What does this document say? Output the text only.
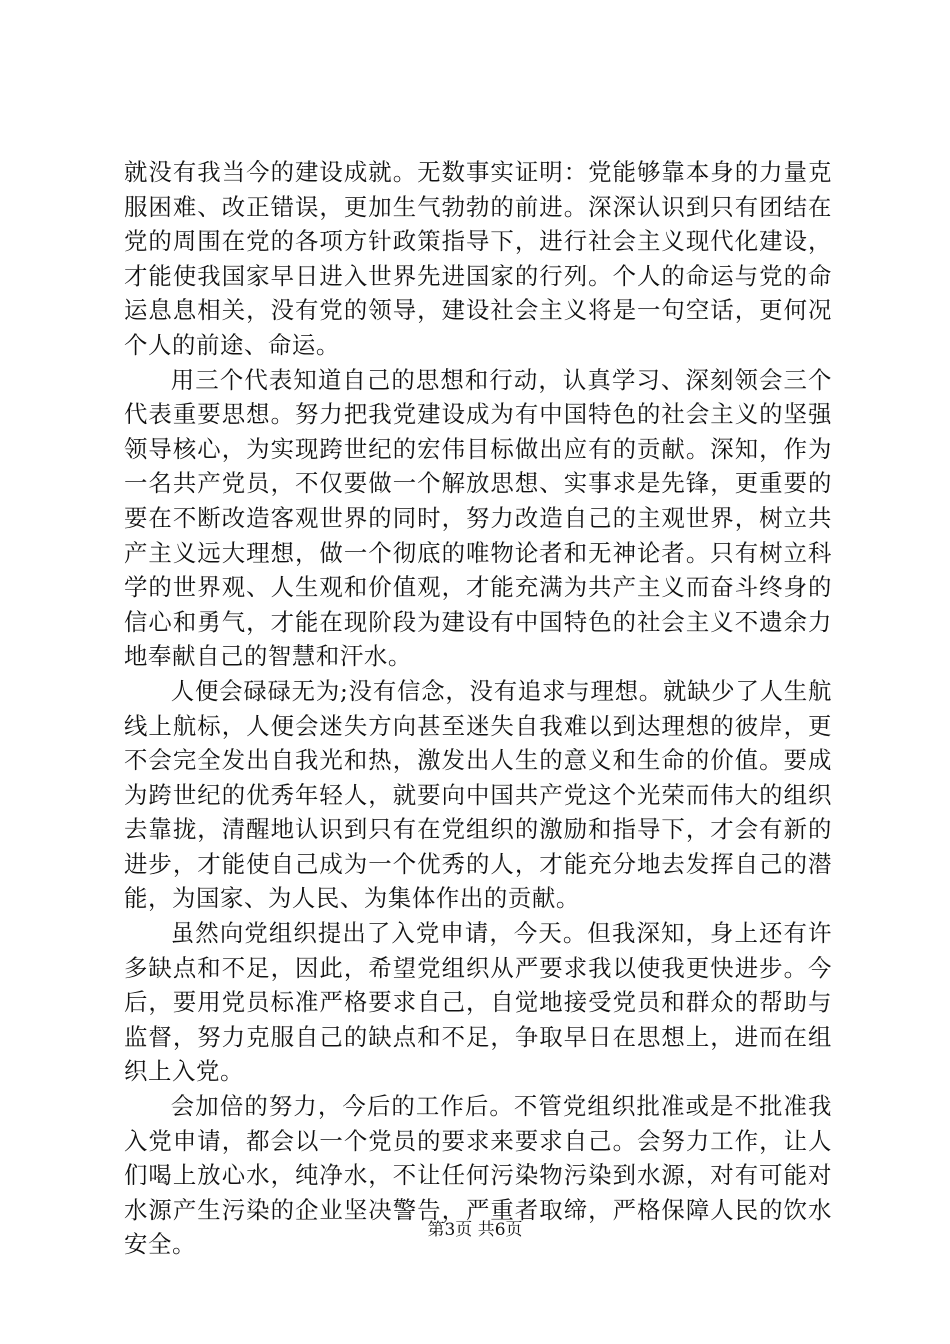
就没有我当今的建设成就。无数事实证明：党能够靠本身的力量克服困难、改正错误，更加生气勃勃的前进。深深认识到只有团结在党的周围在党的各项方针政策指导下，进行社会主义现代化建设，才能使我国家早日进入世界先进国家的行列。个人的命运与党的命运息息相关，没有党的领导，建设社会主义将是一句空话，更何况个人的前途、命运。

用三个代表知道自己的思想和行动，认真学习、深刻领会三个代表重要思想。努力把我党建设成为有中国特色的社会主义的坚强领导核心，为实现跨世纪的宏伟目标做出应有的贡献。深知，作为一名共产党员，不仅要做一个解放思想、实事求是先锋，更重要的要在不断改造客观世界的同时，努力改造自己的主观世界，树立共产主义远大理想，做一个彻底的唯物论者和无神论者。只有树立科学的世界观、人生观和价值观，才能充满为共产主义而奋斗终身的信心和勇气，才能在现阶段为建设有中国特色的社会主义不遗余力地奉献自己的智慧和汗水。

人便会碌碌无为;没有信念，没有追求与理想。就缺少了人生航线上航标，人便会迷失方向甚至迷失自我难以到达理想的彼岸，更不会完全发出自我光和热，激发出人生的意义和生命的价值。要成为跨世纪的优秀年轻人，就要向中国共产党这个光荣而伟大的组织去靠拢，清醒地认识到只有在党组织的激励和指导下，才会有新的进步，才能使自己成为一个优秀的人，才能充分地去发挥自己的潜能，为国家、为人民、为集体作出的贡献。

虽然向党组织提出了入党申请，今天。但我深知，身上还有许多缺点和不足，因此，希望党组织从严要求我以使我更快进步。今后，要用党员标准严格要求自己，自觉地接受党员和群众的帮助与监督，努力克服自己的缺点和不足，争取早日在思想上，进而在组织上入党。

会加倍的努力，今后的工作后。不管党组织批准或是不批准我入党申请，都会以一个党员的要求来要求自己。会努力工作，让人们喝上放心水，纯净水，不让任何污染物污染到水源，对有可能对水源产生污染的企业坚决警告，严重者取缔，严格保障人民的饮水安全。

第3页 共6页
